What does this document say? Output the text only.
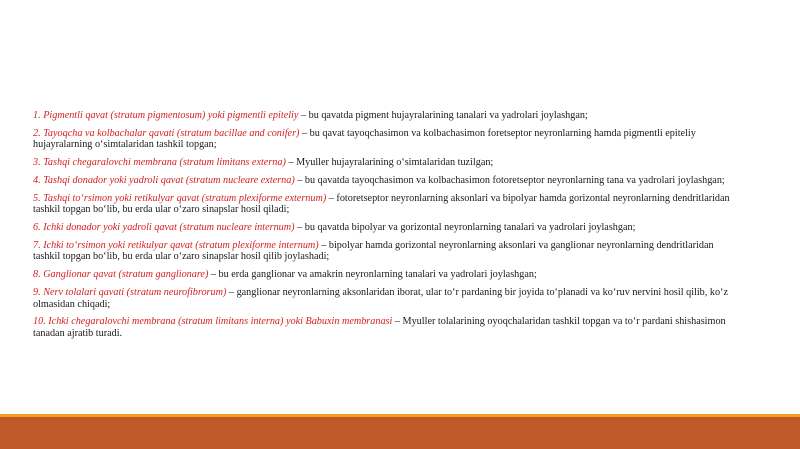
1. Pigmentli qavat (stratum pigmentosum) yoki pigmentli epiteliy – bu qavatda pigment hujayralarining tanalari va yadrolari joylashgan;

2. Tayoqcha va kolbachalar qavati (stratum bacillae and conifer) – bu qavat tayoqchasimon va kolbachasimon foretseptor neyronlarning hamda pigmentli epiteliy hujayralarning o‘simtalaridan tashkil topgan;

3. Tashqi chegaralovchi membrana (stratum limitans externa) – Myuller hujayralarining o‘simtalaridan tuzilgan;

4. Tashqi donador yoki yadroli qavat (stratum nucleare externa) – bu qavatda tayoqchasimon va kolbachasimon fotoretseptor neyronlarning tana va yadrolari joylashgan;

5. Tashqi to‘rsimon yoki retikulyar qavat (stratum plexiforme externum) – fotoretseptor neyronlarning aksonlari va bipolyar hamda gorizontal neyronlarning dendritlaridan tashkil topgan bo‘lib, bu erda ular o‘zaro sinapslar hosil qiladi;

6. Ichki donador yoki yadroli qavat (stratum nucleare internum) – bu qavatda bipolyar va gorizontal neyronlarning tanalari va yadrolari joylashgan;

7. Ichki to‘rsimon yoki retikulyar qavat (stratum plexiforme internum) – bipolyar hamda gorizontal neyronlarning aksonlari va ganglionar neyronlarning dendritlaridan tashkil topgan bo‘lib, bu erda ular o‘zaro sinapslar hosil qilib joylashadi;

8. Ganglionar qavat (stratum ganglionare) – bu erda ganglionar va amakrin neyronlarning tanalari va yadrolari joylashgan;

9. Nerv tolalari qavati (stratum neurofibrorum) – ganglionar neyronlarning aksonlaridan iborat, ular to‘r pardaning bir joyida to‘planadi va ko‘ruv nervini hosil qilib, ko‘z olmasidan chiqadi;

10. Ichki chegaralovchi membrana (stratum limitans interna) yoki Babuxin membranasi – Myuller tolalarining oyoqchalaridan tashkil topgan va to‘r pardani shishasimon tanadan ajratib turadi.
